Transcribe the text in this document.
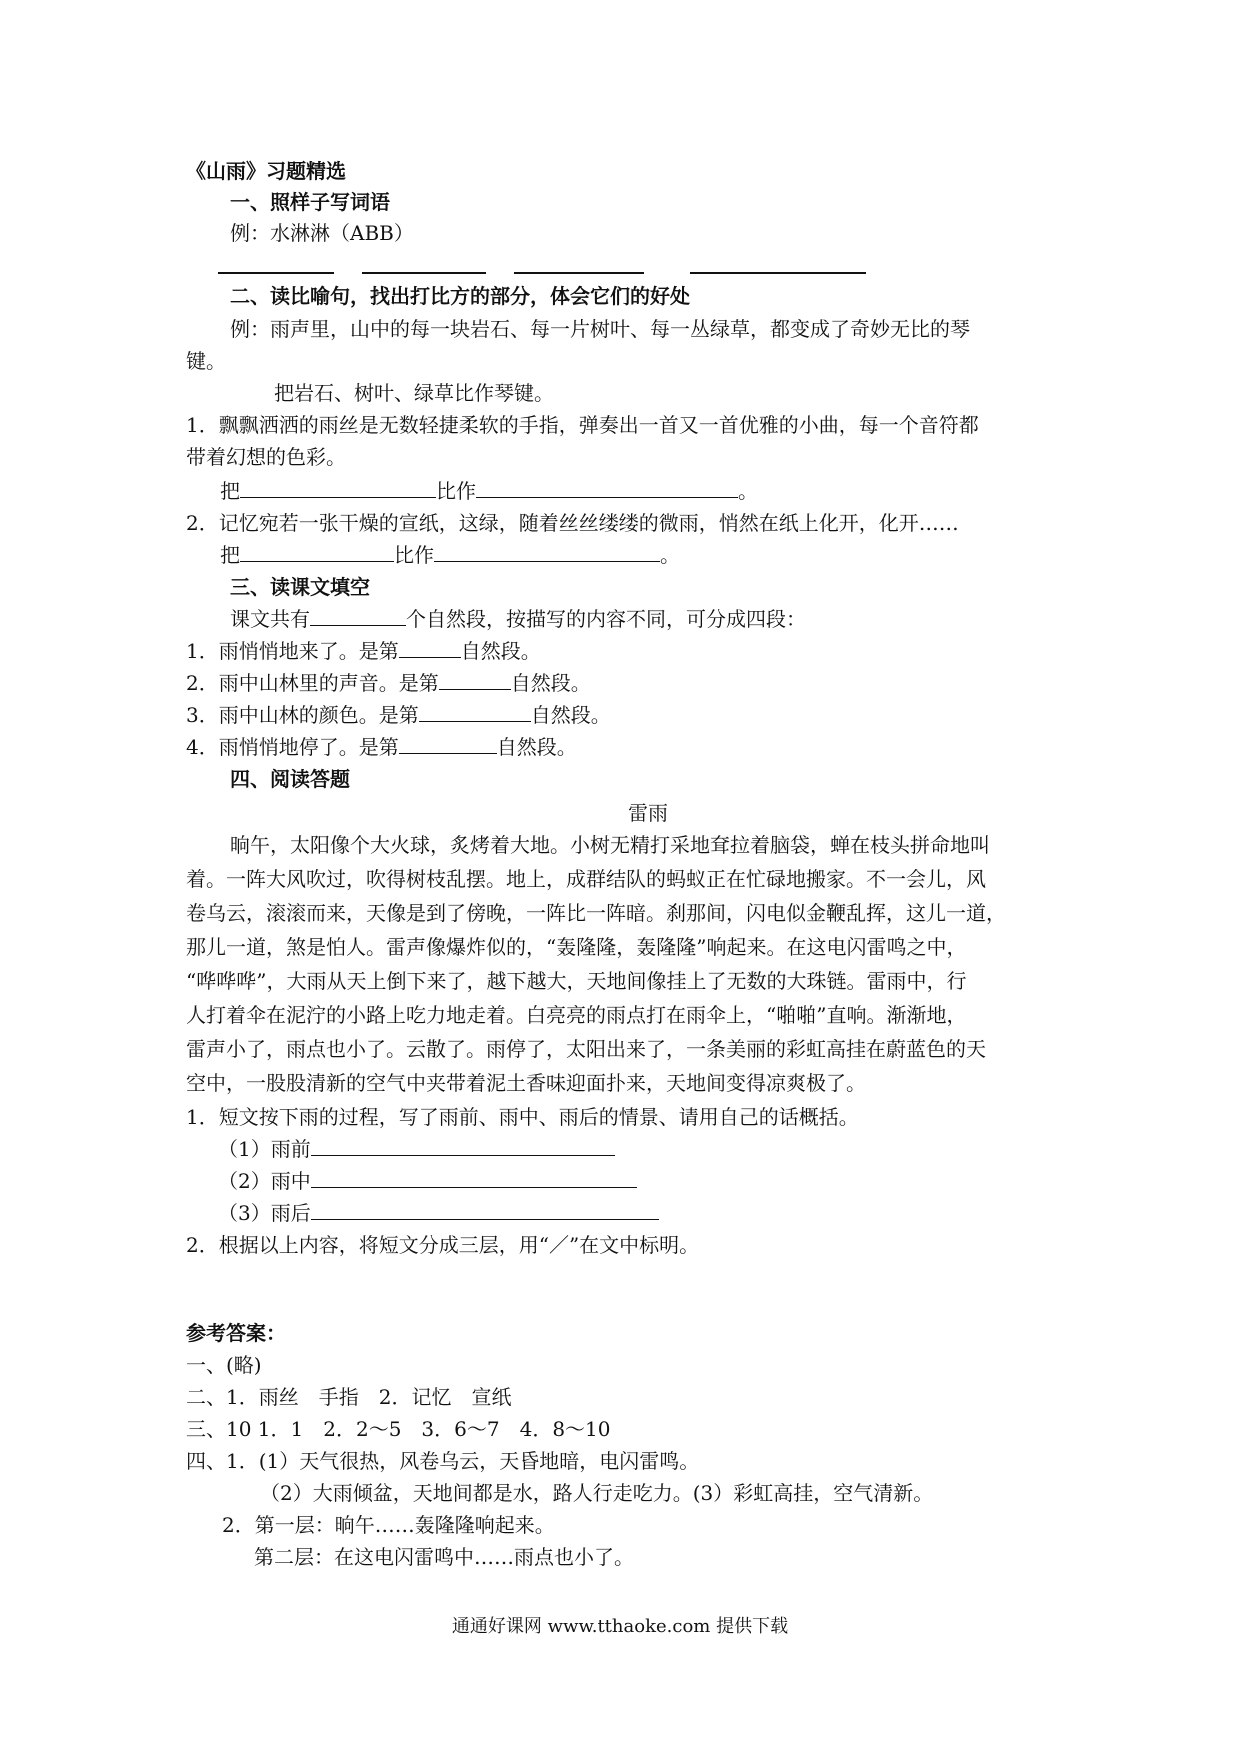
《山雨》习题精选
一、照样子写词语
例：水淋淋（ABB）
二、读比喻句，找出打比方的部分，体会它们的好处
例：雨声里，山中的每一块岩石、每一片树叶、每一丛绿草，都变成了奇妙无比的琴
键。
把岩石、树叶、绿草比作琴键。
1．飘飘洒洒的雨丝是无数轻捷柔软的手指，弹奏出一首又一首优雅的小曲，每一个音符都
带着幻想的色彩。
把	比作	。
2．记忆宛若一张干燥的宣纸，这绿，随着丝丝缕缕的微雨，悄然在纸上化开，化开……
把	比作	。
三、读课文填空
课文共有	个自然段，按描写的内容不同，可分成四段：
1．雨悄悄地来了。是第	自然段。
2．雨中山林里的声音。是第	自然段。
3．雨中山林的颜色。是第	自然段。
4．雨悄悄地停了。是第	自然段。
四、阅读答题
雷雨
晌午，太阳像个大火球，炙烤着大地。小树无精打采地耷拉着脑袋，蝉在枝头拼命地叫
着。一阵大风吹过，吹得树枝乱摆。地上，成群结队的蚂蚁正在忙碌地搬家。不一会儿，风
卷乌云，滚滚而来，天像是到了傍晚，一阵比一阵暗。刹那间，闪电似金鞭乱挥，这儿一道，
那儿一道，煞是怕人。雷声像爆炸似的，“轰隆隆，轰隆隆”响起来。在这电闪雷鸣之中，
“哗哗哗”，大雨从天上倒下来了，越下越大，天地间像挂上了无数的大珠链。雷雨中，行
人打着伞在泥泞的小路上吃力地走着。白亮亮的雨点打在雨伞上，“啪啪”直响。渐渐地，
雷声小了，雨点也小了。云散了。雨停了，太阳出来了，一条美丽的彩虹高挂在蔚蓝色的天
空中，一股股清新的空气中夹带着泥土香味迎面扑来，天地间变得凉爽极了。
1．短文按下雨的过程，写了雨前、雨中、雨后的情景、请用自己的话概括。
（1）雨前
（2）雨中
（3）雨后
2．根据以上内容，将短文分成三层，用“／”在文中标明。
参考答案：
一、(略)
二、1．雨丝　手指　2．记忆　宣纸
三、10 1．1　2．2～5　3．6～7　4．8～10
四、1．(1）天气很热，风卷乌云，天昏地暗，电闪雷鸣。
（2）大雨倾盆，天地间都是水，路人行走吃力。(3）彩虹高挂，空气清新。
2．第一层：晌午……轰隆隆响起来。
第二层：在这电闪雷鸣中……雨点也小了。
通通好课网 www.tthaoke.com 提供下载
